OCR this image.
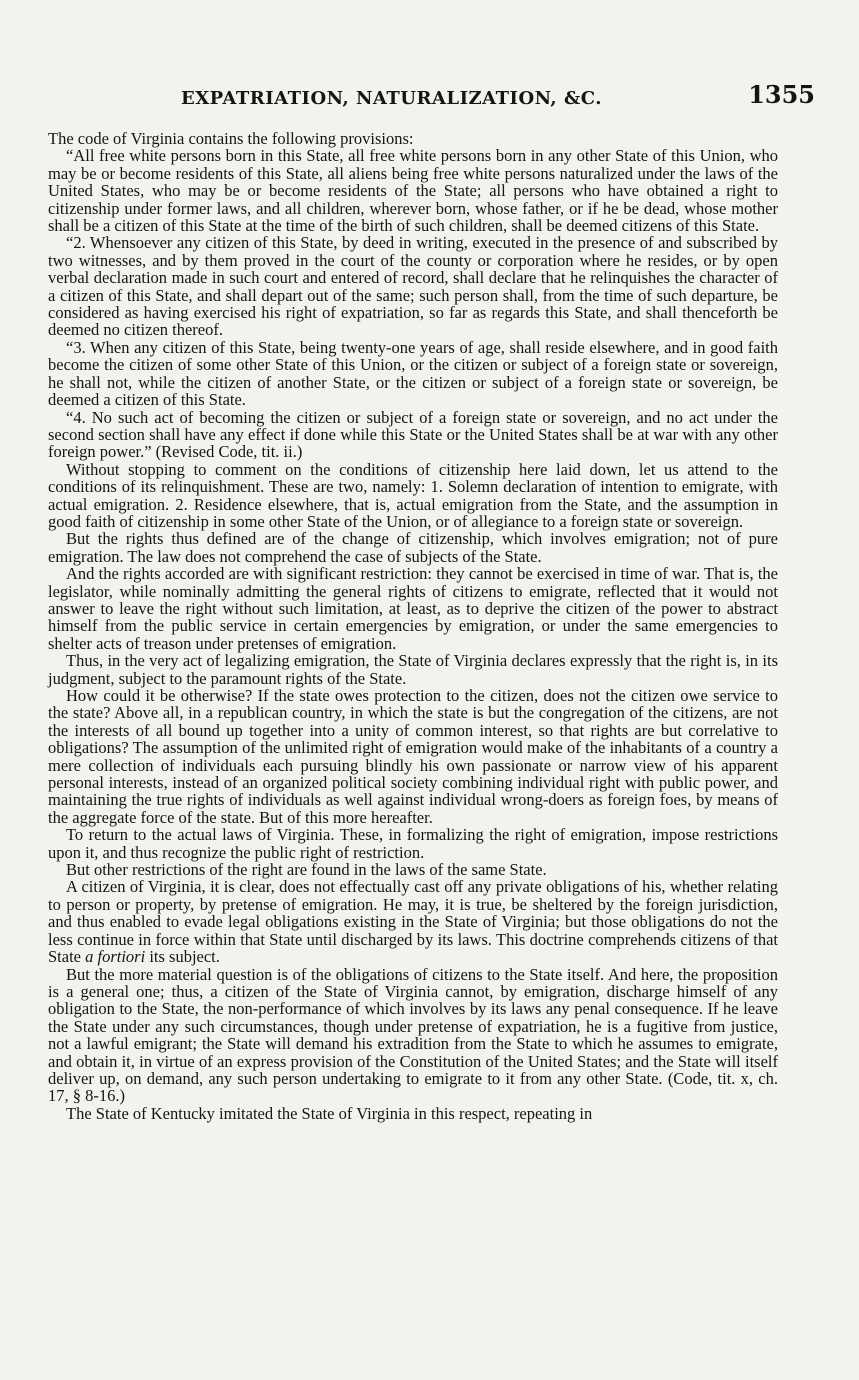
EXPATRIATION, NATURALIZATION, &C.	1355

The code of Virginia contains the following provisions:

“All free white persons born in this State, all free white persons born in any other State of this Union, who may be or become residents of this State, all aliens being free white persons naturalized under the laws of the United States, who may be or become residents of the State; all persons who have obtained a right to citizenship under former laws, and all children, wherever born, whose father, or if he be dead, whose mother shall be a citizen of this State at the time of the birth of such children, shall be deemed citizens of this State.

“2. Whensoever any citizen of this State, by deed in writing, executed in the presence of and subscribed by two witnesses, and by them proved in the court of the county or corporation where he resides, or by open verbal declaration made in such court and entered of record, shall declare that he relinquishes the character of a citizen of this State, and shall depart out of the same; such person shall, from the time of such departure, be considered as having exercised his right of expatriation, so far as regards this State, and shall thenceforth be deemed no citizen thereof.

“3. When any citizen of this State, being twenty-one years of age, shall reside elsewhere, and in good faith become the citizen of some other State of this Union, or the citizen or subject of a foreign state or sovereign, he shall not, while the citizen of another State, or the citizen or subject of a foreign state or sovereign, be deemed a citizen of this State.

“4. No such act of becoming the citizen or subject of a foreign state or sovereign, and no act under the second section shall have any effect if done while this State or the United States shall be at war with any other foreign power.” (Revised Code, tit. ii.)

Without stopping to comment on the conditions of citizenship here laid down, let us attend to the conditions of its relinquishment. These are two, namely: 1. Solemn declaration of intention to emigrate, with actual emigration. 2. Residence elsewhere, that is, actual emigration from the State, and the assumption in good faith of citizenship in some other State of the Union, or of allegiance to a foreign state or sovereign.

But the rights thus defined are of the change of citizenship, which involves emigration; not of pure emigration. The law does not comprehend the case of subjects of the State.

And the rights accorded are with significant restriction: they cannot be exercised in time of war. That is, the legislator, while nominally admitting the general rights of citizens to emigrate, reflected that it would not answer to leave the right without such limitation, at least, as to deprive the citizen of the power to abstract himself from the public service in certain emergencies by emigration, or under the same emergencies to shelter acts of treason under pretenses of emigration.

Thus, in the very act of legalizing emigration, the State of Virginia declares expressly that the right is, in its judgment, subject to the paramount rights of the State.

How could it be otherwise? If the state owes protection to the citizen, does not the citizen owe service to the state? Above all, in a republican country, in which the state is but the congregation of the citizens, are not the interests of all bound up together into a unity of common interest, so that rights are but correlative to obligations? The assumption of the unlimited right of emigration would make of the inhabitants of a country a mere collection of individuals each pursuing blindly his own passionate or narrow view of his apparent personal interests, instead of an organized political society combining individual right with public power, and maintaining the true rights of individuals as well against individual wrong-doers as foreign foes, by means of the aggregate force of the state. But of this more hereafter.

To return to the actual laws of Virginia. These, in formalizing the right of emigration, impose restrictions upon it, and thus recognize the public right of restriction.

But other restrictions of the right are found in the laws of the same State.

A citizen of Virginia, it is clear, does not effectually cast off any private obligations of his, whether relating to person or property, by pretense of emigration. He may, it is true, be sheltered by the foreign jurisdiction, and thus enabled to evade legal obligations existing in the State of Virginia; but those obligations do not the less continue in force within that State until discharged by its laws. This doctrine comprehends citizens of that State a fortiori its subject.

But the more material question is of the obligations of citizens to the State itself. And here, the proposition is a general one; thus, a citizen of the State of Virginia cannot, by emigration, discharge himself of any obligation to the State, the non-performance of which involves by its laws any penal consequence. If he leave the State under any such circumstances, though under pretense of expatriation, he is a fugitive from justice, not a lawful emigrant; the State will demand his extradition from the State to which he assumes to emigrate, and obtain it, in virtue of an express provision of the Constitution of the United States; and the State will itself deliver up, on demand, any such person undertaking to emigrate to it from any other State. (Code, tit. x, ch. 17, § 8-16.)

The State of Kentucky imitated the State of Virginia in this respect, repeating in
